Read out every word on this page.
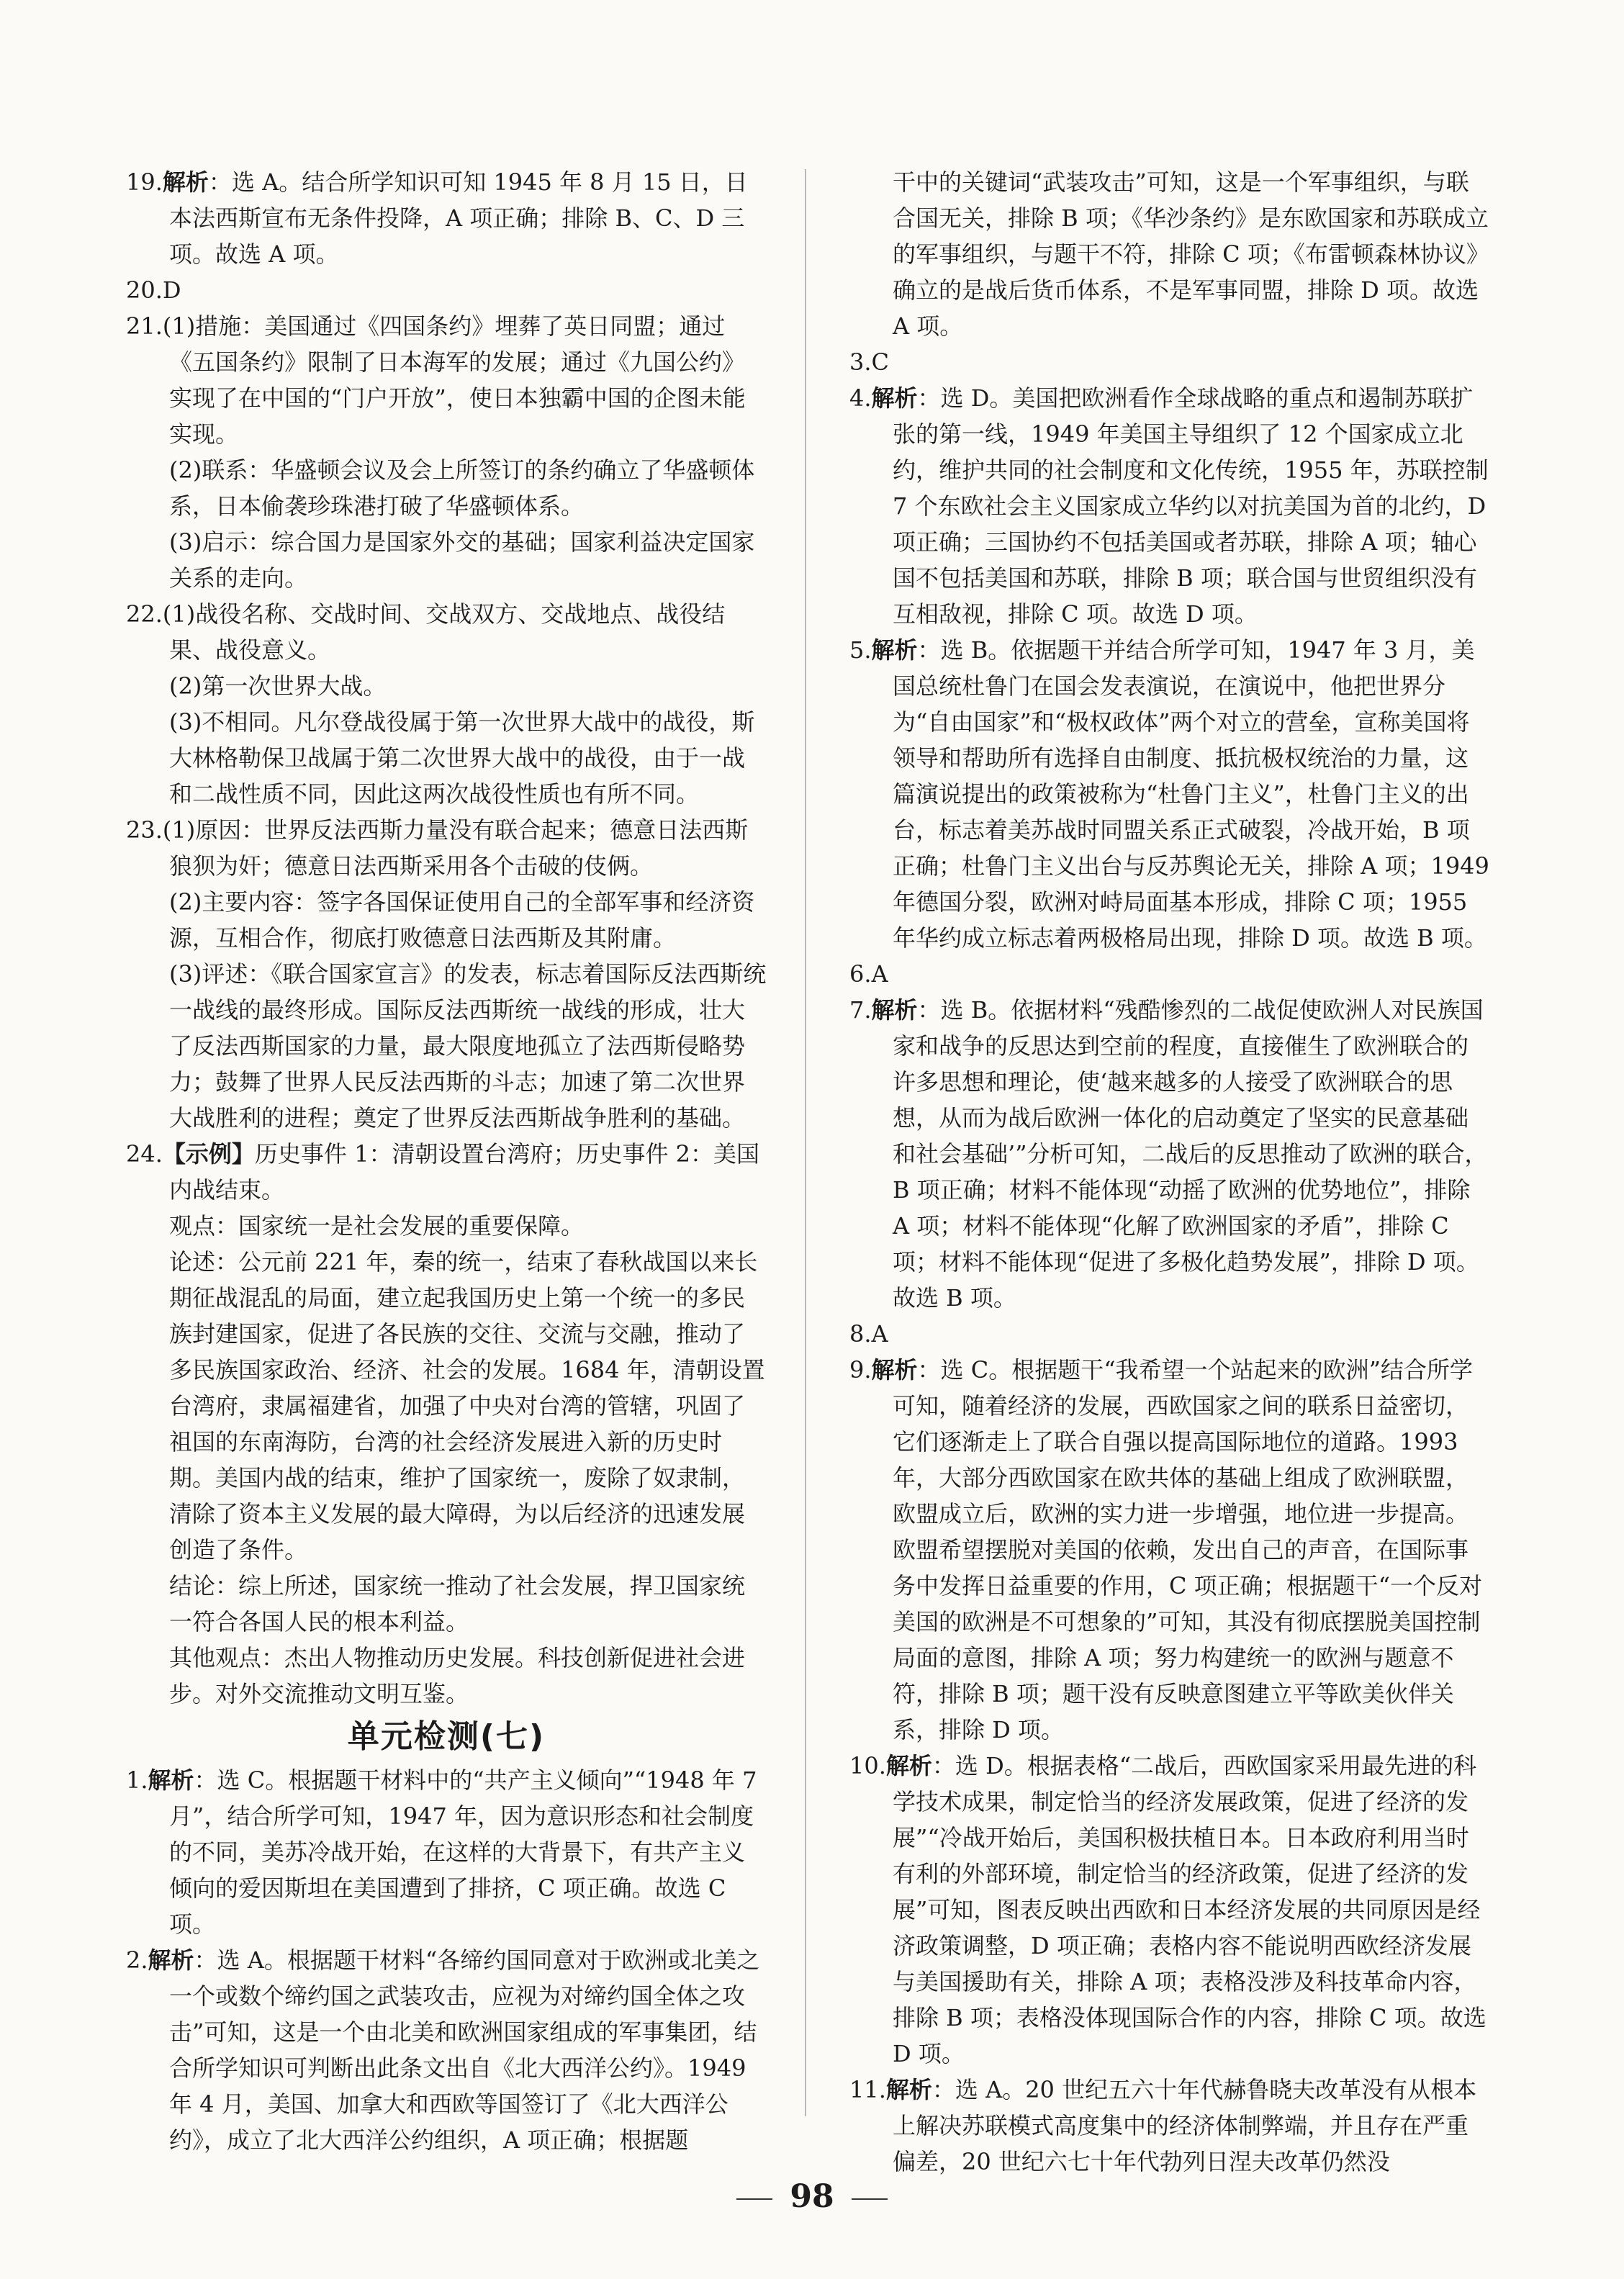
19.解析：选 A。结合所学知识可知 1945 年 8 月 15 日，日本法西斯宣布无条件投降，A 项正确；排除 B、C、D 三项。故选 A 项。

20.D

21.(1)措施：美国通过《四国条约》埋葬了英日同盟；通过《五国条约》限制了日本海军的发展；通过《九国公约》实现了在中国的“门户开放”，使日本独霸中国的企图未能实现。

(2)联系：华盛顿会议及会上所签订的条约确立了华盛顿体系，日本偷袭珍珠港打破了华盛顿体系。

(3)启示：综合国力是国家外交的基础；国家利益决定国家关系的走向。

22.(1)战役名称、交战时间、交战双方、交战地点、战役结果、战役意义。

(2)第一次世界大战。

(3)不相同。凡尔登战役属于第一次世界大战中的战役，斯大林格勒保卫战属于第二次世界大战中的战役，由于一战和二战性质不同，因此这两次战役性质也有所不同。

23.(1)原因：世界反法西斯力量没有联合起来；德意日法西斯狼狈为奸；德意日法西斯采用各个击破的伎俩。

(2)主要内容：签字各国保证使用自己的全部军事和经济资源，互相合作，彻底打败德意日法西斯及其附庸。

(3)评述：《联合国家宣言》的发表，标志着国际反法西斯统一战线的最终形成。国际反法西斯统一战线的形成，壮大了反法西斯国家的力量，最大限度地孤立了法西斯侵略势力；鼓舞了世界人民反法西斯的斗志；加速了第二次世界大战胜利的进程；奠定了世界反法西斯战争胜利的基础。

24.【示例】历史事件 1：清朝设置台湾府；历史事件 2：美国内战结束。

观点：国家统一是社会发展的重要保障。

论述：公元前 221 年，秦的统一，结束了春秋战国以来长期征战混乱的局面，建立起我国历史上第一个统一的多民族封建国家，促进了各民族的交往、交流与交融，推动了多民族国家政治、经济、社会的发展。1684 年，清朝设置台湾府，隶属福建省，加强了中央对台湾的管辖，巩固了祖国的东南海防，台湾的社会经济发展进入新的历史时期。美国内战的结束，维护了国家统一，废除了奴隶制，清除了资本主义发展的最大障碍，为以后经济的迅速发展创造了条件。

结论：综上所述，国家统一推动了社会发展，捍卫国家统一符合各国人民的根本利益。

其他观点：杰出人物推动历史发展。科技创新促进社会进步。对外交流推动文明互鉴。

单元检测(七)

1.解析：选 C。根据题干材料中的“共产主义倾向”“1948 年 7 月”，结合所学可知，1947 年，因为意识形态和社会制度的不同，美苏冷战开始，在这样的大背景下，有共产主义倾向的爱因斯坦在美国遭到了排挤，C 项正确。故选 C 项。

2.解析：选 A。根据题干材料“各缔约国同意对于欧洲或北美之一个或数个缔约国之武装攻击，应视为对缔约国全体之攻击”可知，这是一个由北美和欧洲国家组成的军事集团，结合所学知识可判断出此条文出自《北大西洋公约》。1949 年 4 月，美国、加拿大和西欧等国签订了《北大西洋公约》，成立了北大西洋公约组织，A 项正确；根据题

干中的关键词“武装攻击”可知，这是一个军事组织，与联合国无关，排除 B 项；《华沙条约》是东欧国家和苏联成立的军事组织，与题干不符，排除 C 项；《布雷顿森林协议》确立的是战后货币体系，不是军事同盟，排除 D 项。故选 A 项。

3.C

4.解析：选 D。美国把欧洲看作全球战略的重点和遏制苏联扩张的第一线，1949 年美国主导组织了 12 个国家成立北约，维护共同的社会制度和文化传统，1955 年，苏联控制 7 个东欧社会主义国家成立华约以对抗美国为首的北约，D 项正确；三国协约不包括美国或者苏联，排除 A 项；轴心国不包括美国和苏联，排除 B 项；联合国与世贸组织没有互相敌视，排除 C 项。故选 D 项。

5.解析：选 B。依据题干并结合所学可知，1947 年 3 月，美国总统杜鲁门在国会发表演说，在演说中，他把世界分为“自由国家”和“极权政体”两个对立的营垒，宣称美国将领导和帮助所有选择自由制度、抵抗极权统治的力量，这篇演说提出的政策被称为“杜鲁门主义”，杜鲁门主义的出台，标志着美苏战时同盟关系正式破裂，冷战开始，B 项正确；杜鲁门主义出台与反苏舆论无关，排除 A 项；1949 年德国分裂，欧洲对峙局面基本形成，排除 C 项；1955 年华约成立标志着两极格局出现，排除 D 项。故选 B 项。

6.A

7.解析：选 B。依据材料“残酷惨烈的二战促使欧洲人对民族国家和战争的反思达到空前的程度，直接催生了欧洲联合的许多思想和理论，使‘越来越多的人接受了欧洲联合的思想，从而为战后欧洲一体化的启动奠定了坚实的民意基础和社会基础’”分析可知，二战后的反思推动了欧洲的联合，B 项正确；材料不能体现“动摇了欧洲的优势地位”，排除 A 项；材料不能体现“化解了欧洲国家的矛盾”，排除 C 项；材料不能体现“促进了多极化趋势发展”，排除 D 项。故选 B 项。

8.A

9.解析：选 C。根据题干“我希望一个站起来的欧洲”结合所学可知，随着经济的发展，西欧国家之间的联系日益密切，它们逐渐走上了联合自强以提高国际地位的道路。1993 年，大部分西欧国家在欧共体的基础上组成了欧洲联盟，欧盟成立后，欧洲的实力进一步增强，地位进一步提高。欧盟希望摆脱对美国的依赖，发出自己的声音，在国际事务中发挥日益重要的作用，C 项正确；根据题干“一个反对美国的欧洲是不可想象的”可知，其没有彻底摆脱美国控制局面的意图，排除 A 项；努力构建统一的欧洲与题意不符，排除 B 项；题干没有反映意图建立平等欧美伙伴关系，排除 D 项。

10.解析：选 D。根据表格“二战后，西欧国家采用最先进的科学技术成果，制定恰当的经济发展政策，促进了经济的发展”“冷战开始后，美国积极扶植日本。日本政府利用当时有利的外部环境，制定恰当的经济政策，促进了经济的发展”可知，图表反映出西欧和日本经济发展的共同原因是经济政策调整，D 项正确；表格内容不能说明西欧经济发展与美国援助有关，排除 A 项；表格没涉及科技革命内容，排除 B 项；表格没体现国际合作的内容，排除 C 项。故选 D 项。

11.解析：选 A。20 世纪五六十年代赫鲁晓夫改革没有从根本上解决苏联模式高度集中的经济体制弊端，并且存在严重偏差，20 世纪六七十年代勃列日涅夫改革仍然没

98
